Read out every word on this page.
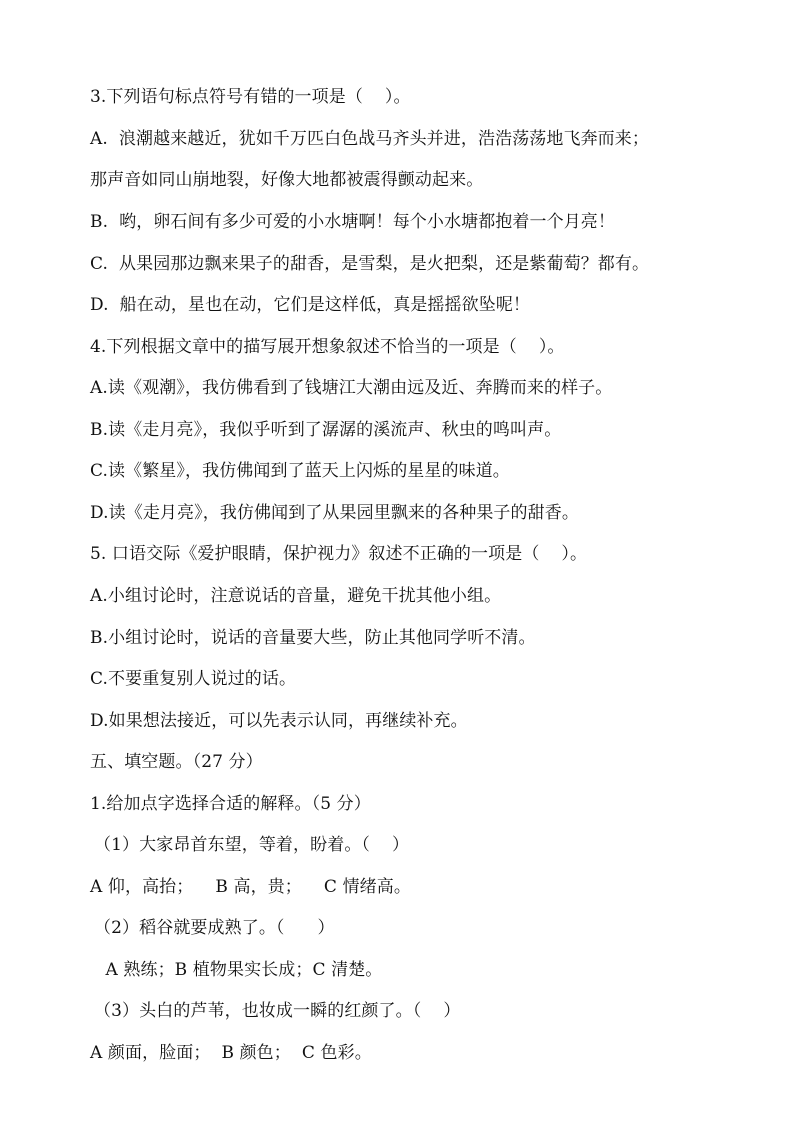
3.下列语句标点符号有错的一项是（    ）。
A.  浪潮越来越近，犹如千万匹白色战马齐头并进，浩浩荡荡地飞奔而来；
那声音如同山崩地裂，好像大地都被震得颤动起来。
B.  哟，卵石间有多少可爱的小水塘啊！每个小水塘都抱着一个月亮！
C.  从果园那边飘来果子的甜香，是雪梨，是火把梨，还是紫葡萄？都有。
D.  船在动，星也在动，它们是这样低，真是摇摇欲坠呢！
4.下列根据文章中的描写展开想象叙述不恰当的一项是（    ）。
A.读《观潮》，我仿佛看到了钱塘江大潮由远及近、奔腾而来的样子。
B.读《走月亮》，我似乎听到了潺潺的溪流声、秋虫的鸣叫声。
C.读《繁星》，我仿佛闻到了蓝天上闪烁的星星的味道。
D.读《走月亮》，我仿佛闻到了从果园里飘来的各种果子的甜香。
5. 口语交际《爱护眼睛，保护视力》叙述不正确的一项是（    ）。
A.小组讨论时，注意说话的音量，避免干扰其他小组。
B.小组讨论时，说话的音量要大些，防止其他同学听不清。
C.不要重复别人说过的话。
D.如果想法接近，可以先表示认同，再继续补充。
五、填空题。（27 分）
1.给加点字选择合适的解释。（5 分）
（1）大家昂首东望，等着，盼着。（    ）
A 仰，高抬；    B 高，贵；    C 情绪高。
（2）稻谷就要成熟了。（      ）
A 熟练；B 植物果实长成；C 清楚。
（3）头白的芦苇，也妆成一瞬的红颜了。（    ）
A 颜面，脸面；  B 颜色；  C 色彩。
